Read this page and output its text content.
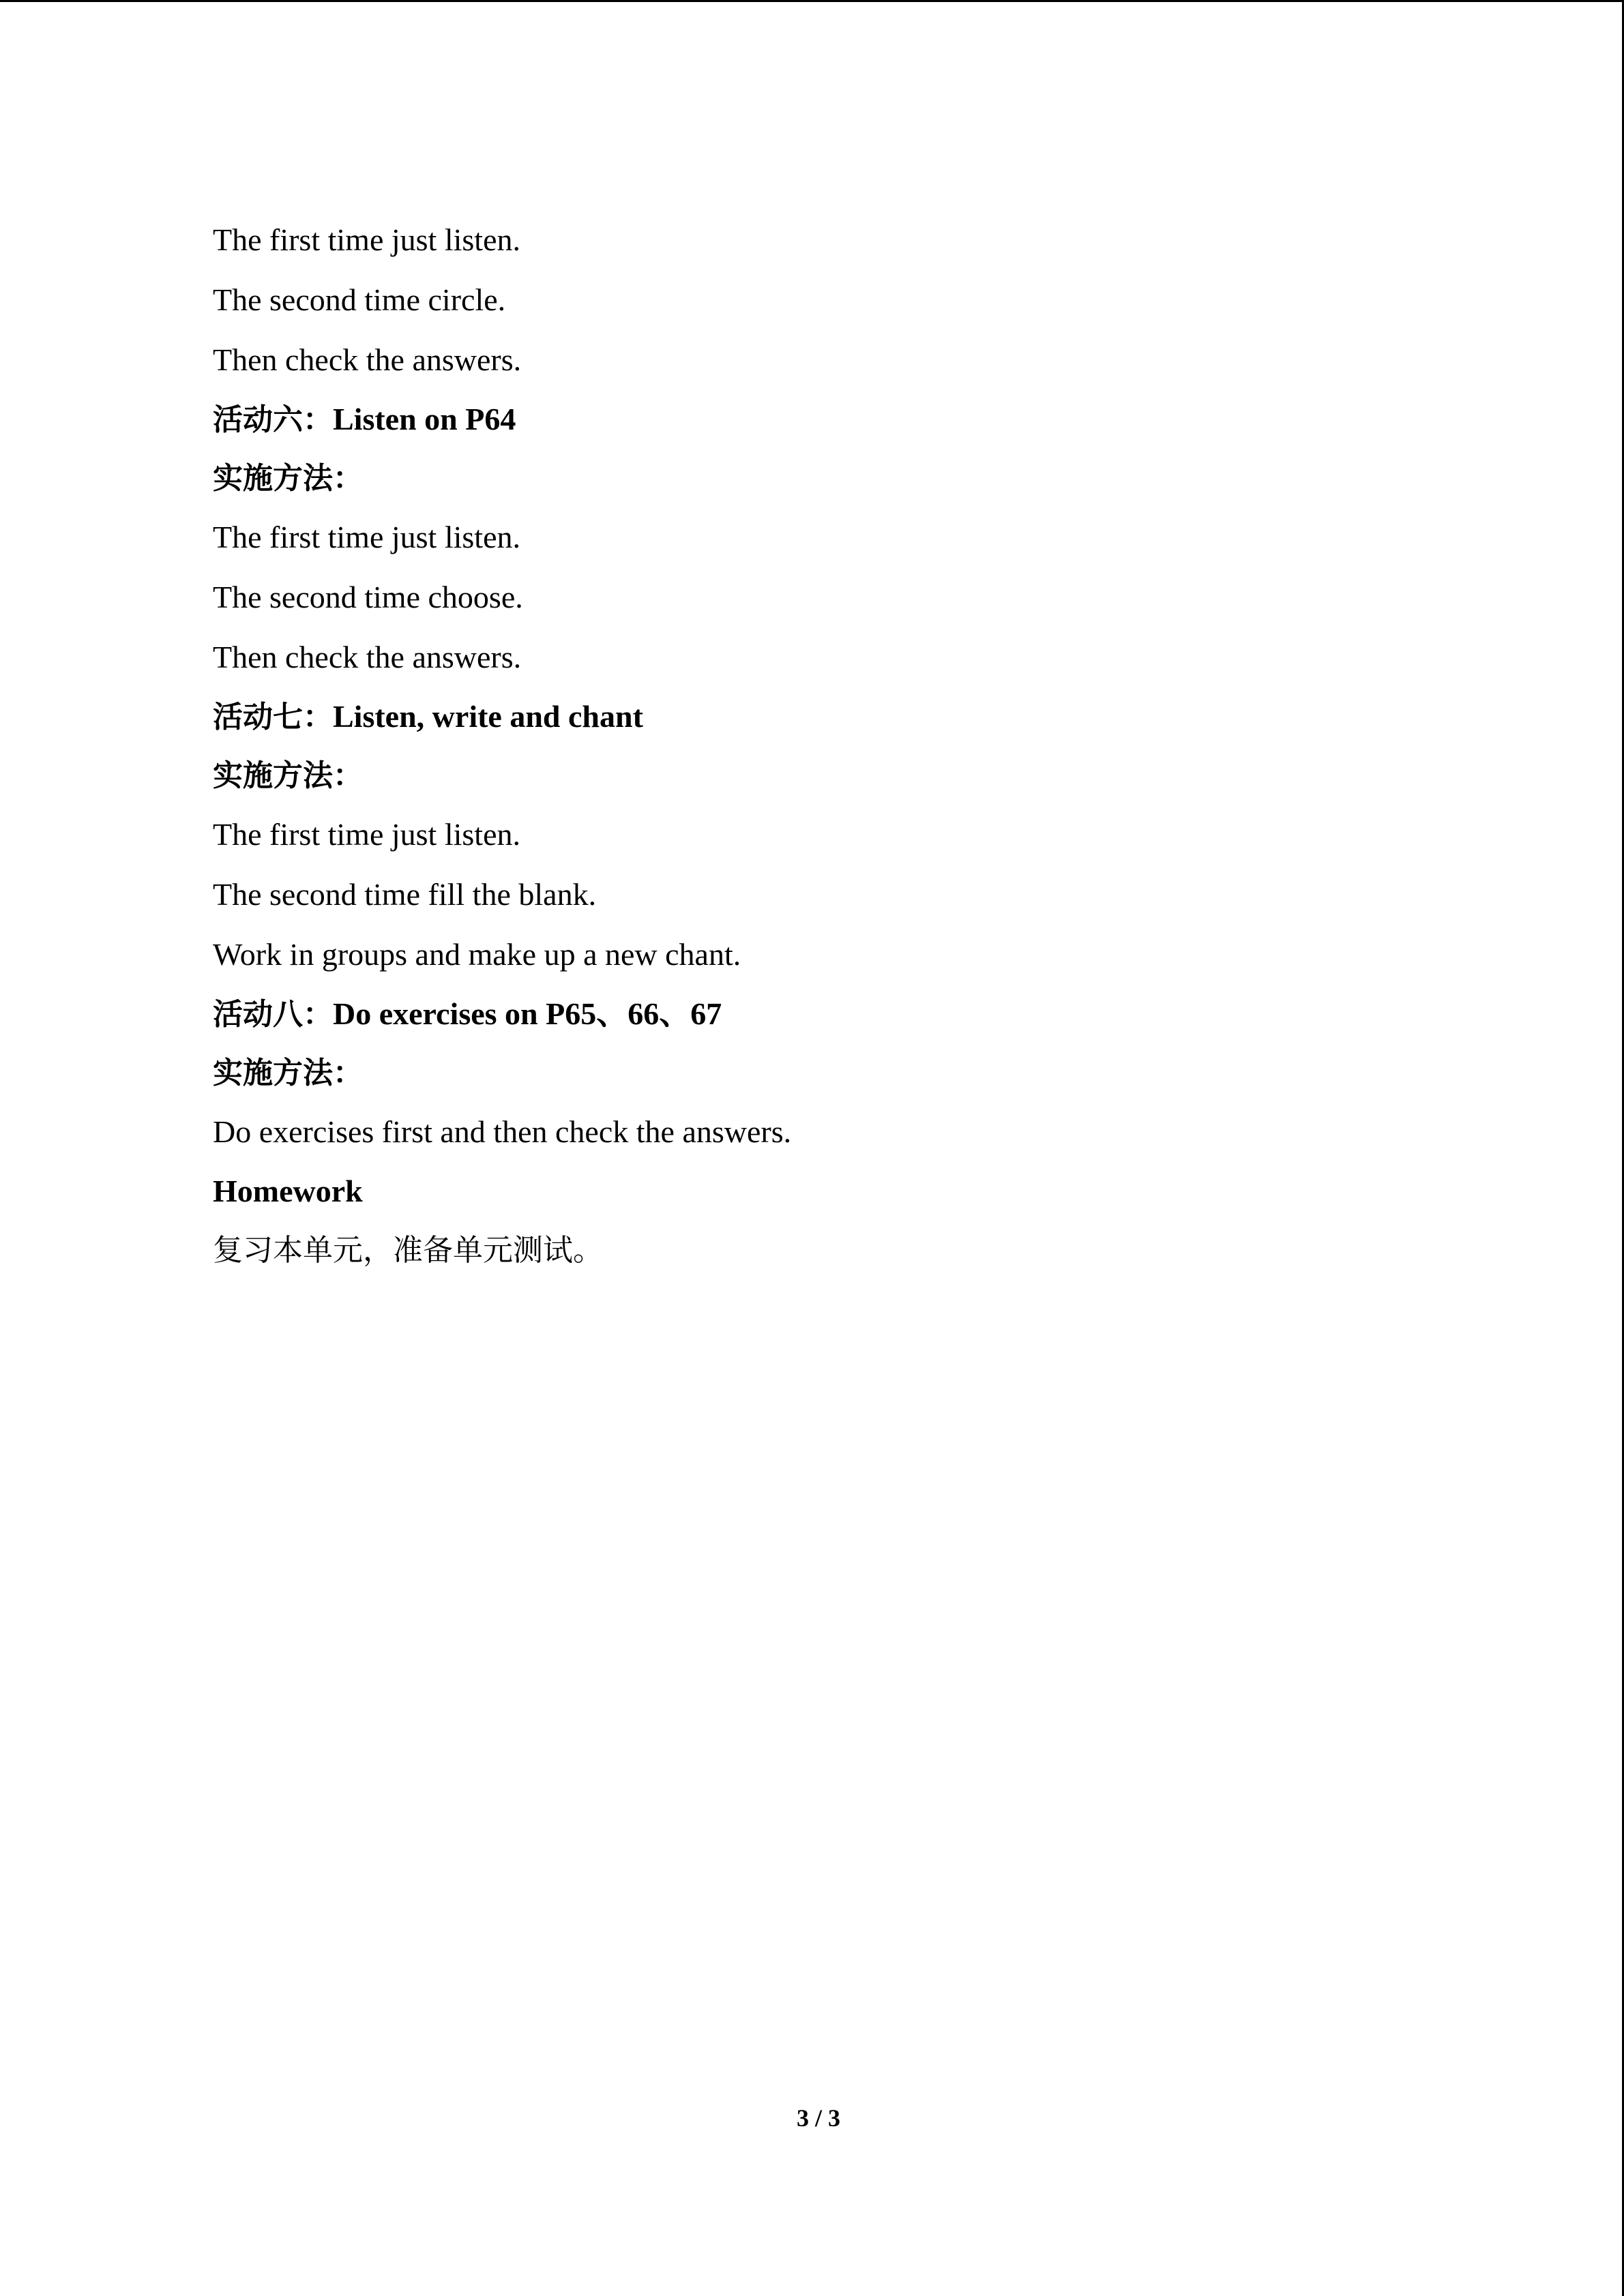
The first time just listen.

The second time circle.

Then check the answers.

活动六：Listen on P64

实施方法：

The first time just listen.

The second time choose.

Then check the answers.

活动七：Listen, write and chant

实施方法：

The first time just listen.

The second time fill the blank.

Work in groups and make up a new chant.

活动八：Do exercises on P65、66、67

实施方法：

Do exercises first and then check the answers.

Homework

复习本单元，准备单元测试。

3 / 3
